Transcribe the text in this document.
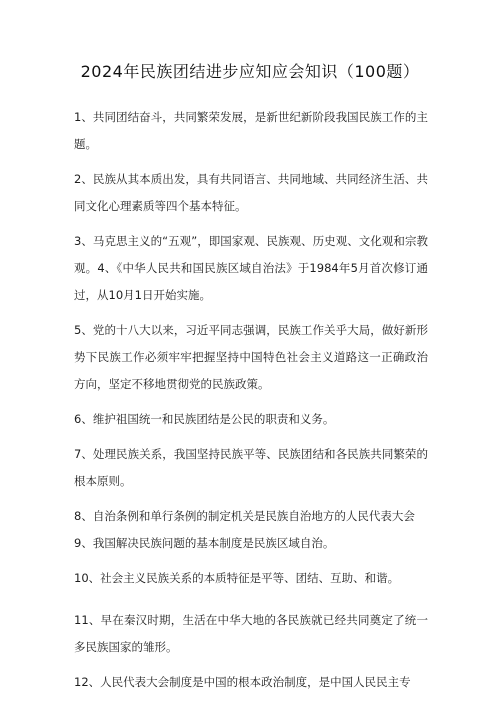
2024年民族团结进步应知应会知识（100题）

1、共同团结奋斗，共同繁荣发展，是新世纪新阶段我国民族工作的主题。

2、民族从其本质出发，具有共同语言、共同地域、共同经济生活、共同文化心理素质等四个基本特征。

3、马克思主义的“五观”，即国家观、民族观、历史观、文化观和宗教观。4、《中华人民共和国民族区域自治法》于1984年5月首次修订通过，从10月1日开始实施。

5、党的十八大以来，习近平同志强调，民族工作关乎大局，做好新形势下民族工作必须牢牢把握坚持中国特色社会主义道路这一正确政治方向，坚定不移地贯彻党的民族政策。

6、维护祖国统一和民族团结是公民的职责和义务。

7、处理民族关系，我国坚持民族平等、民族团结和各民族共同繁荣的根本原则。

8、自治条例和单行条例的制定机关是民族自治地方的人民代表大会

9、我国解决民族问题的基本制度是民族区域自治。

10、社会主义民族关系的本质特征是平等、团结、互助、和谐。

11、早在秦汉时期，生活在中华大地的各民族就已经共同奠定了统一多民族国家的雏形。

12、人民代表大会制度是中国的根本政治制度，是中国人民民主专
